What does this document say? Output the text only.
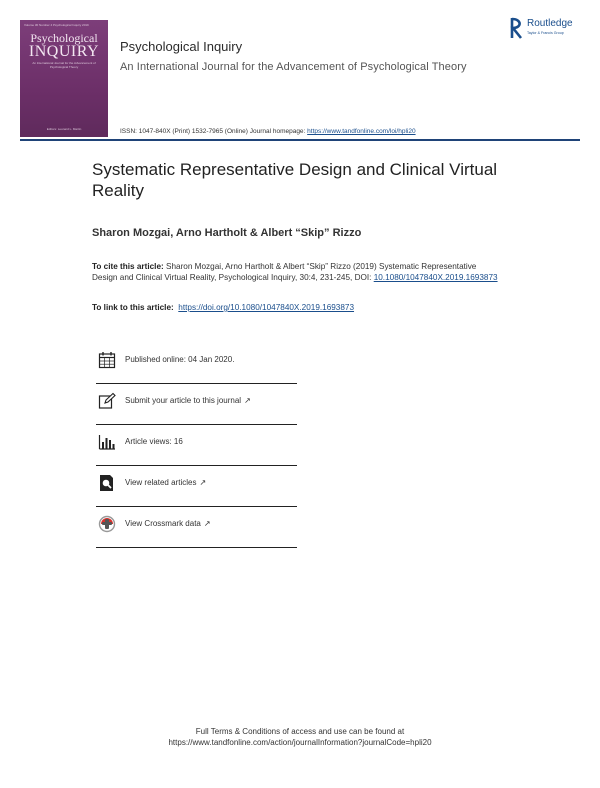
Volume 30 Number 4 Psychological Inquiry 2019
Psychological
INQUIRY
An International Journal for the Advancement of Psychological Theory
Editors: Leonard L. Martin
Psychological Inquiry
An International Journal for the Advancement of Psychological Theory
ISSN: 1047-840X (Print) 1532-7965 (Online) Journal homepage: https://www.tandfonline.com/loi/hpli20
Routledge
Taylor & Francis Group
Systematic Representative Design and Clinical Virtual Reality
Sharon Mozgai, Arno Hartholt & Albert “Skip” Rizzo
To cite this article: Sharon Mozgai, Arno Hartholt & Albert “Skip” Rizzo (2019) Systematic Representative Design and Clinical Virtual Reality, Psychological Inquiry, 30:4, 231-245, DOI: 10.1080/1047840X.2019.1693873
To link to this article: https://doi.org/10.1080/1047840X.2019.1693873
Published online: 04 Jan 2020.
Submit your article to this journal ↗
Article views: 16
View related articles ↗
View Crossmark data ↗
Full Terms & Conditions of access and use can be found at
https://www.tandfonline.com/action/journalInformation?journalCode=hpli20
